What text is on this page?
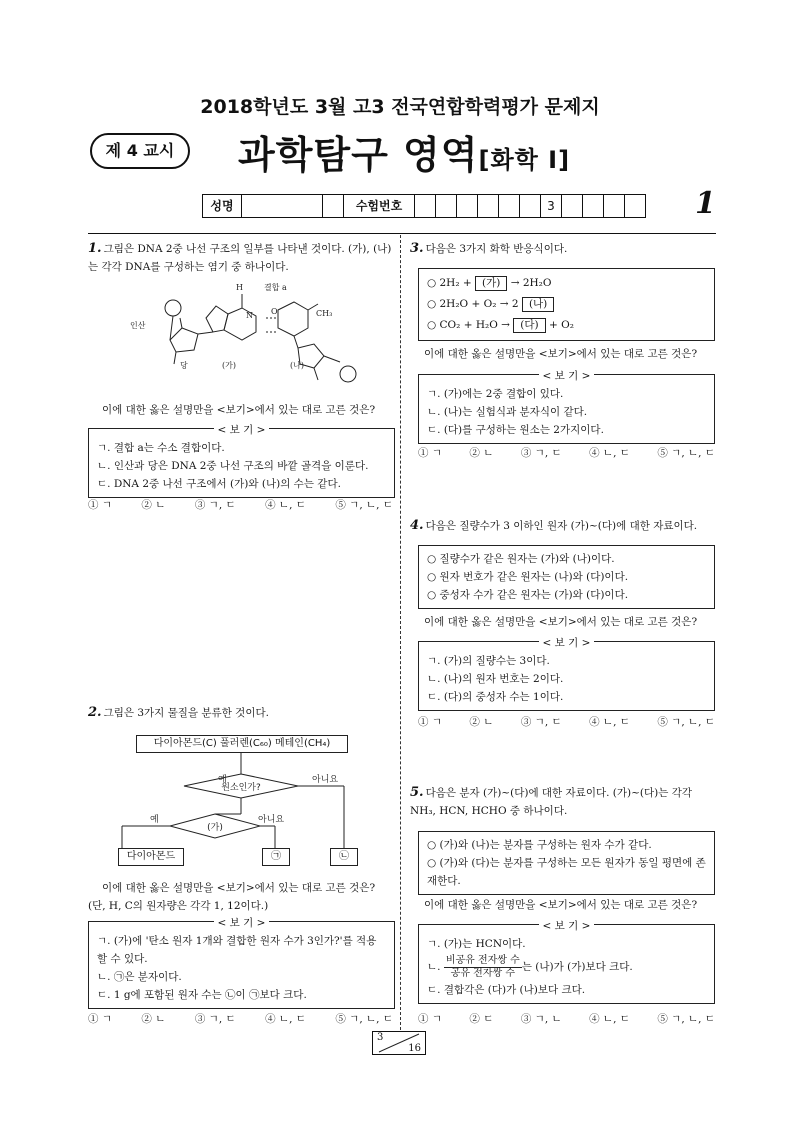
2018학년도 3월 고3 전국연합학력평가 문제지
제 4 교시	과학탐구 영역[화학 Ⅰ]
성명	수험번호	3	1
1. 그림은 DNA 2중 나선 구조의 일부를 나타낸 것이다. (가), (나)는 각각 DNA를 구성하는 염기 중 하나이다.
H
N O	CH₃
결합 a
인산
당	(가)	(나)
이에 대한 옳은 설명만을 <보기>에서 있는 대로 고른 것은?
< 보 기 >
ㄱ. 결합 a는 수소 결합이다.
ㄴ. 인산과 당은 DNA 2중 나선 구조의 바깥 골격을 이룬다.
ㄷ. DNA 2중 나선 구조에서 (가)와 (나)의 수는 같다.
① ㄱ	② ㄴ	③ ㄱ, ㄷ	④ ㄴ, ㄷ	⑤ ㄱ, ㄴ, ㄷ
2. 그림은 3가지 물질을 분류한 것이다.
다이아몬드(C) 풀러렌(C₆₀) 메테인(CH₄)
예	아니요
원소인가?
예	아니요
(가)
다이아몬드	㉠	㉡
이에 대한 옳은 설명만을 <보기>에서 있는 대로 고른 것은? (단, H, C의 원자량은 각각 1, 12이다.)
< 보 기 >
ㄱ. (가)에 '탄소 원자 1개와 결합한 원자 수가 3인가?'를 적용할 수 있다.
ㄴ. ㉠은 분자이다.
ㄷ. 1 g에 포함된 원자 수는 ㉡이 ㉠보다 크다.
① ㄱ	② ㄴ	③ ㄱ, ㄷ	④ ㄴ, ㄷ	⑤ ㄱ, ㄴ, ㄷ
3. 다음은 3가지 화학 반응식이다.
○ 2H₂ + (가) → 2H₂O
○ 2H₂O + O₂ → 2 (나)
○ CO₂ + H₂O → (다) + O₂
이에 대한 옳은 설명만을 <보기>에서 있는 대로 고른 것은?
< 보 기 >
ㄱ. (가)에는 2중 결합이 있다.
ㄴ. (나)는 실험식과 분자식이 같다.
ㄷ. (다)를 구성하는 원소는 2가지이다.
① ㄱ	② ㄴ	③ ㄱ, ㄷ	④ ㄴ, ㄷ	⑤ ㄱ, ㄴ, ㄷ
4. 다음은 질량수가 3 이하인 원자 (가)~(다)에 대한 자료이다.
○ 질량수가 같은 원자는 (가)와 (나)이다.
○ 원자 번호가 같은 원자는 (나)와 (다)이다.
○ 중성자 수가 같은 원자는 (가)와 (다)이다.
이에 대한 옳은 설명만을 <보기>에서 있는 대로 고른 것은?
< 보 기 >
ㄱ. (가)의 질량수는 3이다.
ㄴ. (나)의 원자 번호는 2이다.
ㄷ. (다)의 중성자 수는 1이다.
① ㄱ	② ㄴ	③ ㄱ, ㄷ	④ ㄴ, ㄷ	⑤ ㄱ, ㄴ, ㄷ
5. 다음은 분자 (가)~(다)에 대한 자료이다. (가)~(다)는 각각 NH₃, HCN, HCHO 중 하나이다.
○ (가)와 (나)는 분자를 구성하는 원자 수가 같다.
○ (가)와 (다)는 분자를 구성하는 모든 원자가 동일 평면에 존재한다.
이에 대한 옳은 설명만을 <보기>에서 있는 대로 고른 것은?
< 보 기 >
ㄱ. (가)는 HCN이다.
ㄴ. $\frac{\text{비공유 전자쌍 수}}{\text{공유 전자쌍 수}}$ 는 (나)가 (가)보다 크다.
ㄷ. 결합각은 (다)가 (나)보다 크다.
① ㄱ	② ㄷ	③ ㄱ, ㄴ	④ ㄴ, ㄷ	⑤ ㄱ, ㄴ, ㄷ
3
16
